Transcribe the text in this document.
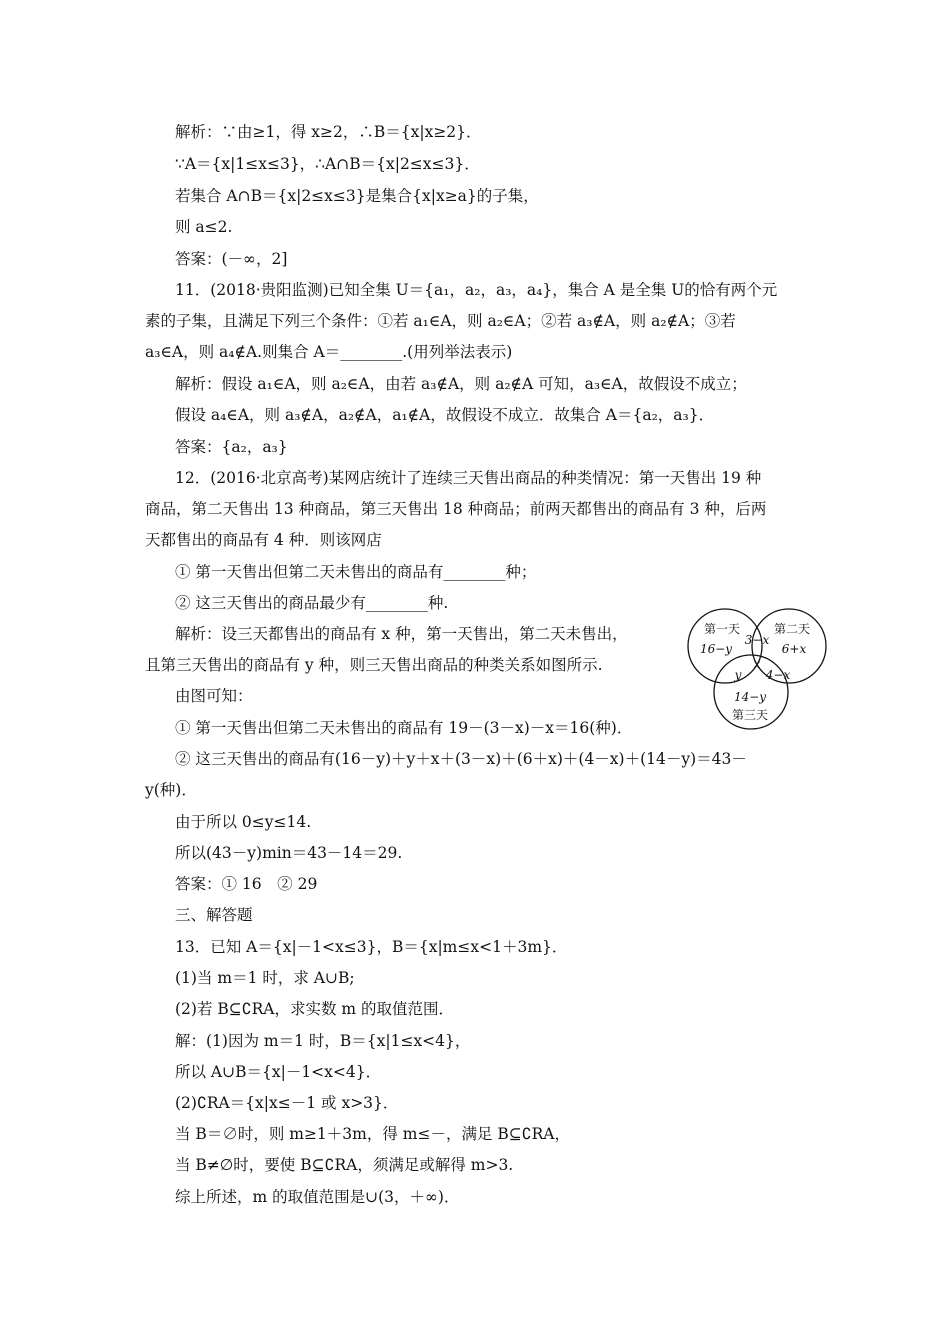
解析：∵由≥1，得 x≥2，∴B＝{x|x≥2}．
∵A＝{x|1≤x≤3}，∴A∩B＝{x|2≤x≤3}．
若集合 A∩B＝{x|2≤x≤3}是集合{x|x≥a}的子集，
则 a≤2.
答案：(－∞，2]
11．(2018·贵阳监测)已知全集 U＝{a₁，a₂，a₃，a₄}，集合 A 是全集 U的恰有两个元
素的子集，且满足下列三个条件：①若 a₁∈A，则 a₂∈A；②若 a₃∉A，则 a₂∉A；③若
a₃∈A，则 a₄∉A.则集合 A＝________.(用列举法表示)
解析：假设 a₁∈A，则 a₂∈A，由若 a₃∉A，则 a₂∉A 可知，a₃∈A，故假设不成立；
假设 a₄∈A，则 a₃∉A，a₂∉A，a₁∉A，故假设不成立．故集合 A＝{a₂，a₃}．
答案：{a₂，a₃}
12．(2016·北京高考)某网店统计了连续三天售出商品的种类情况：第一天售出 19 种
商品，第二天售出 13 种商品，第三天售出 18 种商品；前两天都售出的商品有 3 种，后两
天都售出的商品有 4 种．则该网店
① 第一天售出但第二天未售出的商品有________种；
② 这三天售出的商品最少有________种.
解析：设三天都售出的商品有 x 种，第一天售出，第二天未售出，
且第三天售出的商品有 y 种，则三天售出商品的种类关系如图所示.
由图可知：
① 第一天售出但第二天未售出的商品有 19－(3－x)－x＝16(种)．
② 这三天售出的商品有(16－y)＋y＋x＋(3－x)＋(6＋x)＋(4－x)＋(14－y)＝43－
y(种)．
由于所以 0≤y≤14.
所以(43－y)min＝43－14＝29.
答案：① 16　② 29
三、解答题
13．已知 A＝{x|－1<x≤3}，B＝{x|m≤x<1＋3m}．
(1)当 m＝1 时，求 A∪B;
(2)若 B⊆∁RA，求实数 m 的取值范围．
解：(1)因为 m＝1 时，B＝{x|1≤x<4}，
所以 A∪B＝{x|－1<x<4}．
(2)∁RA＝{x|x≤－1 或 x>3}．
当 B＝∅时，则 m≥1＋3m，得 m≤－，满足 B⊆∁RA，
当 B≠∅时，要使 B⊆∁RA，须满足或解得 m>3.
综上所述，m 的取值范围是∪(3，＋∞)．
第一天
16−y
第二天
6+x
3−x
x
y 4−x
14−y
第三天
